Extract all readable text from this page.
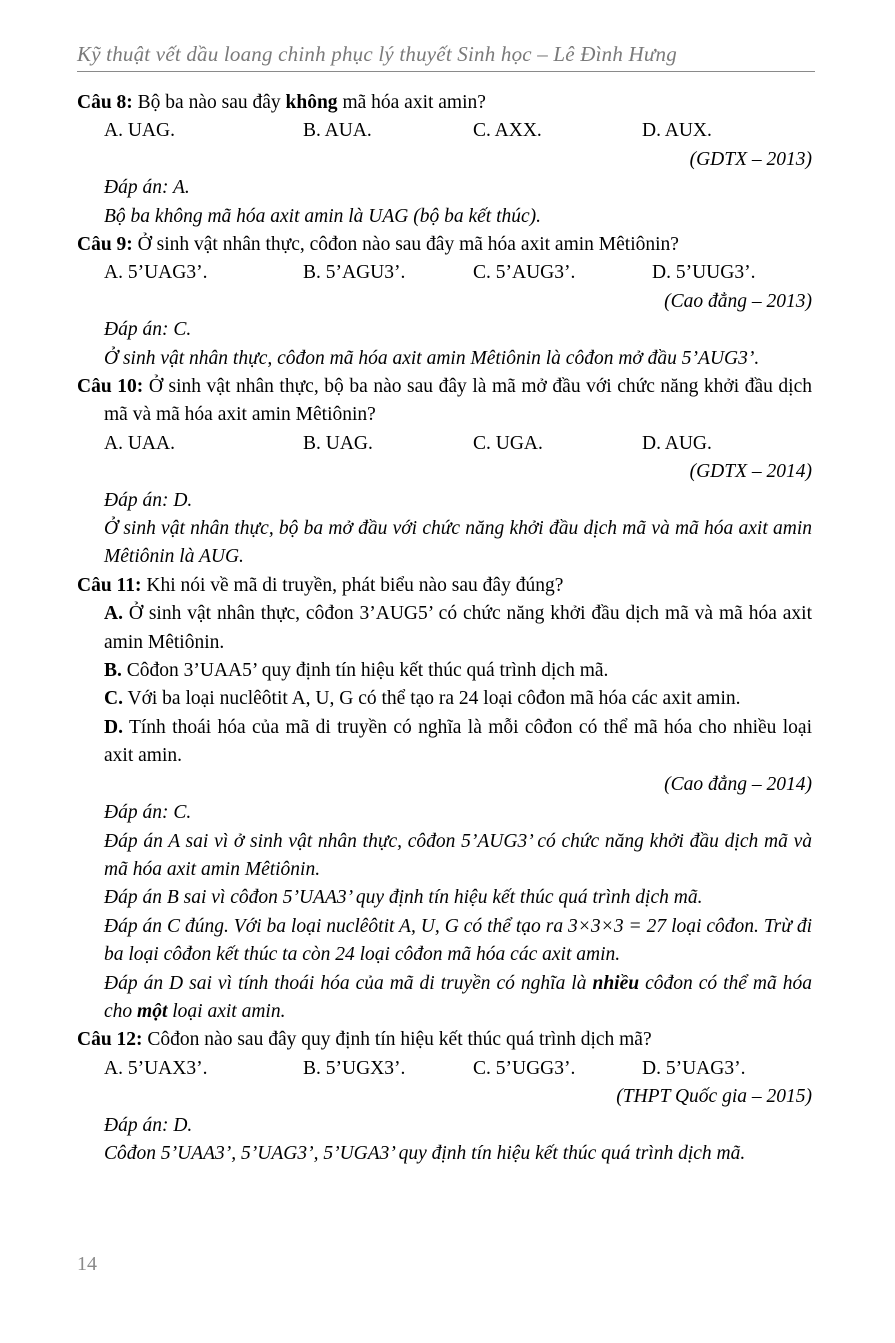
Kỹ thuật vết dầu loang chinh phục lý thuyết Sinh học – Lê Đình Hưng
Câu 8: Bộ ba nào sau đây không mã hóa axit amin?
A. UAG.	B. AUA.	C. AXX.	D. AUX.
(GDTX – 2013)
Đáp án: A.
Bộ ba không mã hóa axit amin là UAG (bộ ba kết thúc).
Câu 9: Ở sinh vật nhân thực, côđon nào sau đây mã hóa axit amin Mêtiônin?
A. 5’UAG3’.	B. 5’AGU3’.	C. 5’AUG3’.	D. 5’UUG3’.
(Cao đẳng – 2013)
Đáp án: C.
Ở sinh vật nhân thực, côđon mã hóa axit amin Mêtiônin là côđon mở đầu 5’AUG3’.
Câu 10: Ở sinh vật nhân thực, bộ ba nào sau đây là mã mở đầu với chức năng khởi đầu dịch mã và mã hóa axit amin Mêtiônin?
A. UAA.	B. UAG.	C. UGA.	D. AUG.
(GDTX – 2014)
Đáp án: D.
Ở sinh vật nhân thực, bộ ba mở đầu với chức năng khởi đầu dịch mã và mã hóa axit amin Mêtiônin là AUG.
Câu 11: Khi nói về mã di truyền, phát biểu nào sau đây đúng?
A. Ở sinh vật nhân thực, côđon 3’AUG5’ có chức năng khởi đầu dịch mã và mã hóa axit amin Mêtiônin.
B. Côđon 3’UAA5’ quy định tín hiệu kết thúc quá trình dịch mã.
C. Với ba loại nuclêôtit A, U, G có thể tạo ra 24 loại côđon mã hóa các axit amin.
D. Tính thoái hóa của mã di truyền có nghĩa là mỗi côđon có thể mã hóa cho nhiều loại axit amin.
(Cao đẳng – 2014)
Đáp án: C.
Đáp án A sai vì ở sinh vật nhân thực, côđon 5’AUG3’ có chức năng khởi đầu dịch mã và mã hóa axit amin Mêtiônin.
Đáp án B sai vì côđon 5’UAA3’ quy định tín hiệu kết thúc quá trình dịch mã.
Đáp án C đúng. Với ba loại nuclêôtit A, U, G có thể tạo ra 3×3×3 = 27 loại côđon. Trừ đi ba loại côđon kết thúc ta còn 24 loại côđon mã hóa các axit amin.
Đáp án D sai vì tính thoái hóa của mã di truyền có nghĩa là nhiều côđon có thể mã hóa cho một loại axit amin.
Câu 12: Côđon nào sau đây quy định tín hiệu kết thúc quá trình dịch mã?
A. 5’UAX3’.	B. 5’UGX3’.	C. 5’UGG3’.	D. 5’UAG3’.
(THPT Quốc gia – 2015)
Đáp án: D.
Côđon 5’UAA3’, 5’UAG3’, 5’UGA3’ quy định tín hiệu kết thúc quá trình dịch mã.
14
